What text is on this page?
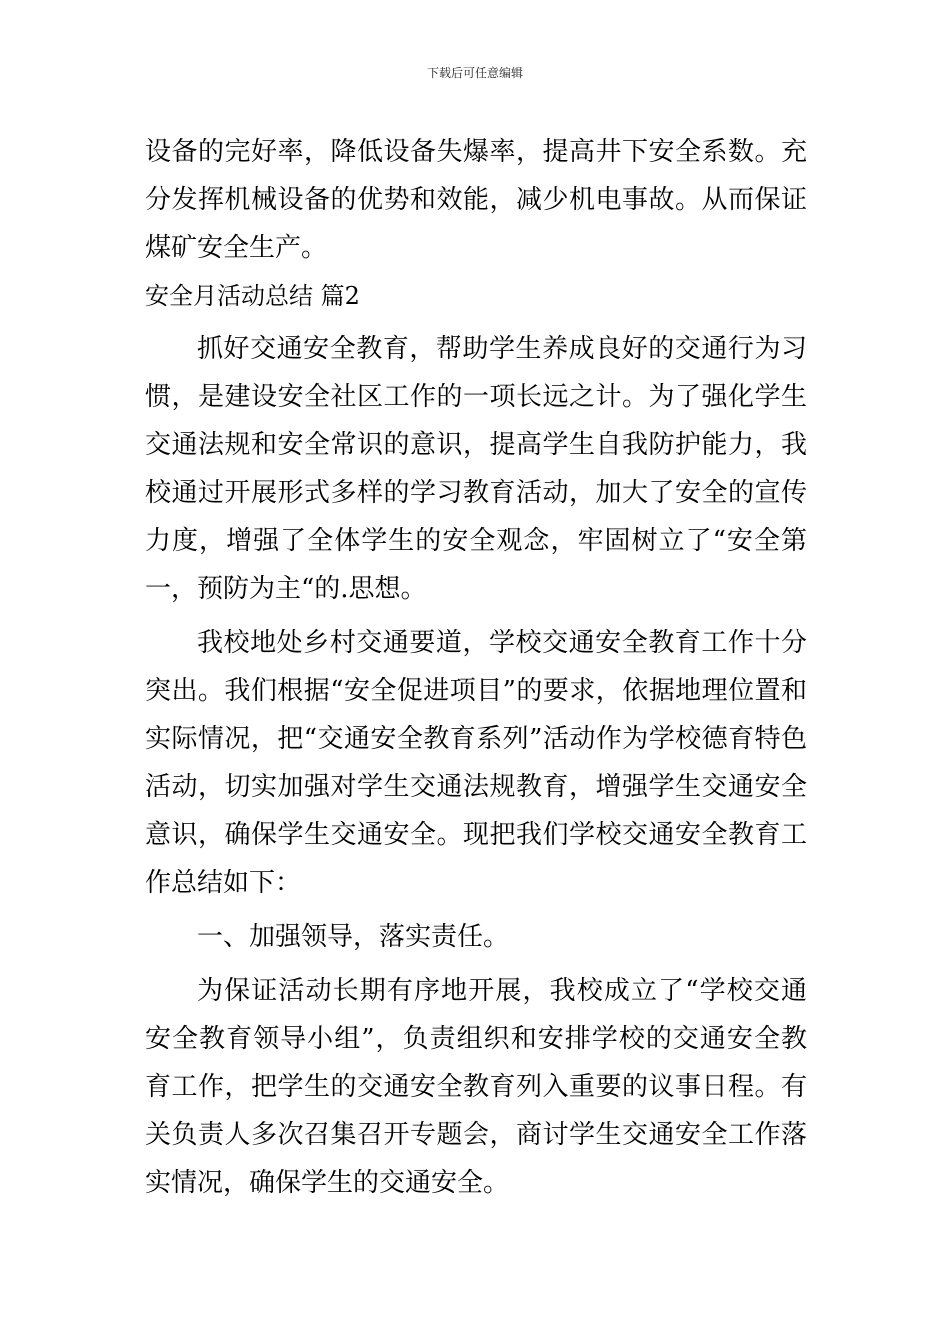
下载后可任意编辑

设备的完好率，降低设备失爆率，提高井下安全系数。充分发挥机械设备的优势和效能，减少机电事故。从而保证煤矿安全生产。

安全月活动总结 篇2

抓好交通安全教育，帮助学生养成良好的交通行为习惯，是建设安全社区工作的一项长远之计。为了强化学生交通法规和安全常识的意识，提高学生自我防护能力，我校通过开展形式多样的学习教育活动，加大了安全的宣传力度，增强了全体学生的安全观念，牢固树立了“安全第一，预防为主“的.思想。

我校地处乡村交通要道，学校交通安全教育工作十分突出。我们根据“安全促进项目”的要求，依据地理位置和实际情况，把“交通安全教育系列”活动作为学校德育特色活动，切实加强对学生交通法规教育，增强学生交通安全意识，确保学生交通安全。现把我们学校交通安全教育工作总结如下：

一、加强领导，落实责任。

为保证活动长期有序地开展，我校成立了“学校交通安全教育领导小组”，负责组织和安排学校的交通安全教育工作，把学生的交通安全教育列入重要的议事日程。有关负责人多次召集召开专题会，商讨学生交通安全工作落实情况，确保学生的交通安全。
